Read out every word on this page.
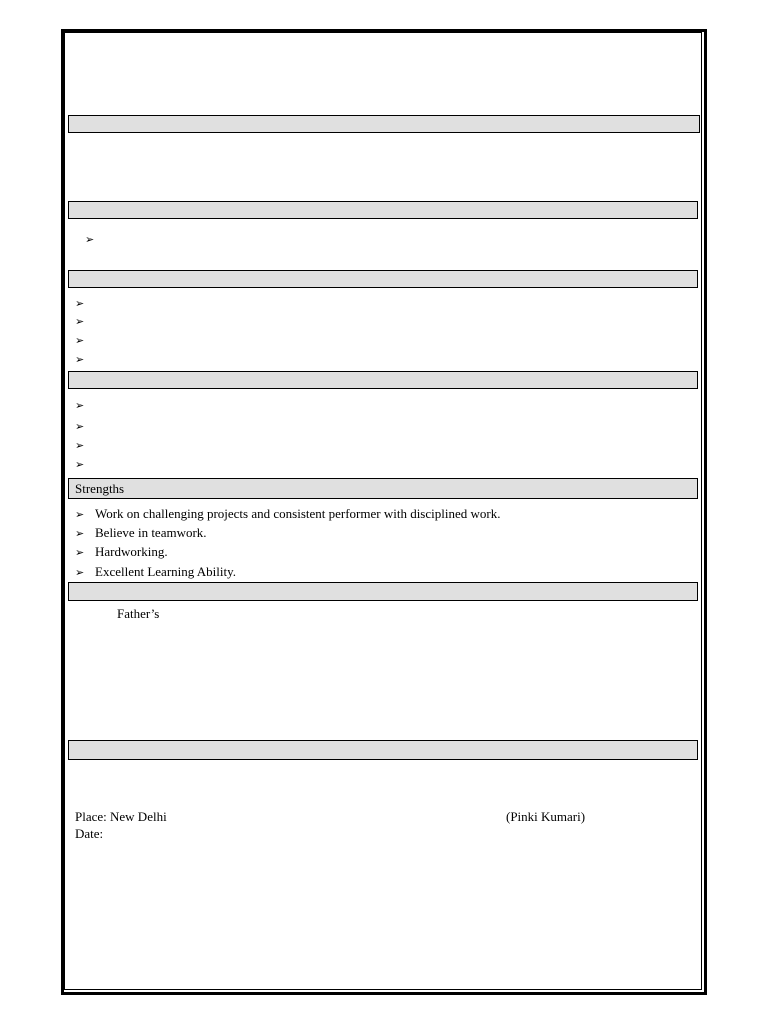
➢
➢
➢
➢
➢
➢
➢
➢
➢
Strengths
➢ Work on challenging projects and consistent performer with disciplined work.
➢ Believe in teamwork.
➢ Hardworking.
➢ Excellent Learning Ability.
Father’s
Place: New Delhi
Date:
(Pinki Kumari)
